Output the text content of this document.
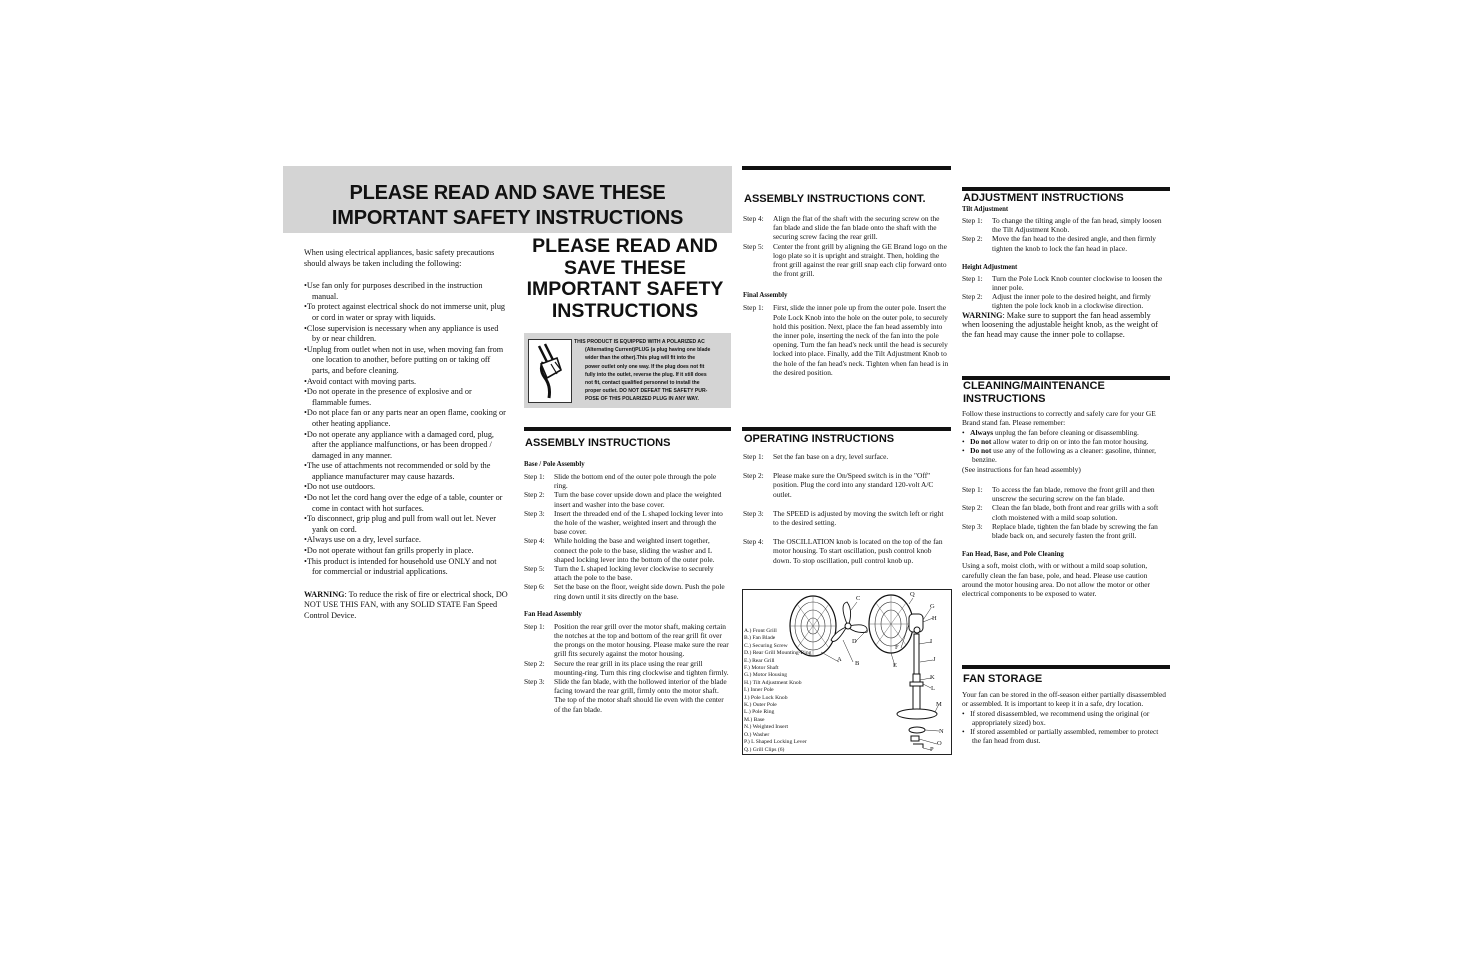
PLEASE READ AND SAVE THESE
IMPORTANT SAFETY INSTRUCTIONS

When using electrical appliances, basic safety precautions should always be taken including the following:

• Use fan only for purposes described in the instruction manual.
• To protect against electrical shock do not immerse unit, plug or cord in water or spray with liquids.
• Close supervision is necessary when any appliance is used by or near children.
• Unplug from outlet when not in use, when moving fan from one location to another, before putting on or taking off parts, and before cleaning.
• Avoid contact with moving parts.
• Do not operate in the presence of explosive and or flammable fumes.
• Do not place fan or any parts near an open flame, cooking or other heating appliance.
• Do not operate any appliance with a damaged cord, plug, after the appliance malfunctions, or has been dropped / damaged in any manner.
• The use of attachments not recommended or sold by the appliance manufacturer may cause hazards.
• Do not use outdoors.
• Do not let the cord hang over the edge of a table, counter or come in contact with hot surfaces.
• To disconnect, grip plug and pull from wall out let. Never yank on cord.
• Always use on a dry, level surface.
• Do not operate without fan grills properly in place.
• This product is intended for household use ONLY and not for commercial or industrial applications.

WARNING: To reduce the risk of fire or electrical shock, DO NOT USE THIS FAN, with any SOLID STATE Fan Speed Control Device.

PLEASE READ AND
SAVE THESE
IMPORTANT SAFETY
INSTRUCTIONS

THIS PRODUCT IS EQUIPPED WITH A POLARIZED AC

(Alternating Current)PLUG (a plug having one blade

wider than the other).This plug will fit into the

power outlet only one way. If the plug does not fit

fully into the outlet, reverse the plug. If it still does

not fit, contact qualified personnel to install the

proper outlet. DO NOT DEFEAT THE SAFETY PUR-

POSE OF THIS POLARIZED PLUG IN ANY WAY.

ASSEMBLY INSTRUCTIONS
Base / Pole Assembly
Step 1:	Slide the bottom end of the outer pole through the pole ring.
Step 2:	Turn the base cover upside down and place the weighted insert and washer into the base cover.
Step 3:	Insert the threaded end of the L shaped locking lever into the hole of the washer, weighted insert and through the base cover.
Step 4:	While holding the base and weighted insert together, connect the pole to the base, sliding the washer and L shaped locking lever into the bottom of the outer pole.
Step 5:	Turn the L shaped locking lever clockwise to securely attach the pole to the base.
Step 6:	Set the base on the floor, weight side down. Push the pole ring down until it sits directly on the base.
Fan Head Assembly
Step 1:	Position the rear grill over the motor shaft, making certain the notches at the top and bottom of the rear grill fit over the prongs on the motor housing. Please make sure the rear grill fits securely against the motor housing.
Step 2:	Secure the rear grill in its place using the rear grill mounting-ring. Turn this ring clockwise and tighten firmly.
Step 3:	Slide the fan blade, with the hollowed interior of the blade facing toward the rear grill, firmly onto the motor shaft. The top of the motor shaft should lie even with the center of the fan blade.
ASSEMBLY INSTRUCTIONS CONT.
Step 4:	Align the flat of the shaft with the securing screw on the fan blade and slide the fan blade onto the shaft with the securing screw facing the rear grill.
Step 5:	Center the front grill by aligning the GE Brand logo on the logo plate so it is upright and straight. Then, holding the front grill against the rear grill snap each clip forward onto the front grill.
Final Assembly
Step 1:	First, slide the inner pole up from the outer pole. Insert the Pole Lock Knob into the hole on the outer pole, to securely hold this position. Next, place the fan head assembly into the inner pole, inserting the neck of the fan into the pole opening. Turn the fan head's neck until the head is securely locked into place. Finally, add the Tilt Adjustment Knob to the hole of the fan head's neck. Tighten when fan head is in the desired position.
OPERATING INSTRUCTIONS
Step 1:	Set the fan base on a dry, level surface.
Step 2:	Please make sure the On/Speed switch is in the "Off" position. Plug the cord into any standard 120-volt A/C outlet.
Step 3:	The SPEED is adjusted by moving the switch left or right to the desired setting.
Step 4:	The OSCILLATION knob is located on the top of the fan motor housing. To start oscillation, push control knob down. To stop oscillation, pull control knob up.
A
B
C
D
E
F
G
H
I
J
K
L
M
N
O
P
Q
A.) Front Grill
B.) Fan Blade
C.) Securing Screw
D.) Rear Grill Mounting-Ring
E.) Rear Grill
F.) Motor Shaft
G.) Motor Housing
H.) Tilt Adjustment Knob
I.) Inner Pole
J.) Pole Lock Knob
K.) Outer Pole
L.) Pole Ring
M.) Base
N.) Weighted Insert
O.) Washer
P.) L Shaped Locking Lever
Q.) Grill Clips (6)
ADJUSTMENT INSTRUCTIONS
Tilt Adjustment
Step 1:	To change the tilting angle of the fan head, simply loosen the Tilt Adjustment Knob.
Step 2:	Move the fan head to the desired angle, and then firmly tighten the knob to lock the fan head in place.
Height Adjustment
Step 1:	Turn the Pole Lock Knob counter clockwise to loosen the inner pole.
Step 2:	Adjust the inner pole to the desired height, and firmly tighten the pole lock knob in a clockwise direction.

WARNING: Make sure to support the fan head assembly when loosening the adjustable height knob, as the weight of the fan head may cause the inner pole to collapse.

CLEANING/MAINTENANCE
INSTRUCTIONS

Follow these instructions to correctly and safely care for your GE Brand stand fan. Please remember:

•   Always unplug the fan before cleaning or disassembling.
•   Do not allow water to drip on or into the fan motor housing.
•   Do not use any of the following as a cleaner: gasoline, thinner, benzine.

(See instructions for fan head assembly)

Step 1:	To access the fan blade, remove the front grill and then unscrew the securing screw on the fan blade.
Step 2:	Clean the fan blade, both front and rear grills with a soft cloth moistened with a mild soap solution.
Step 3:	Replace blade, tighten the fan blade by screwing the fan blade back on, and securely fasten the front grill.
Fan Head, Base, and Pole Cleaning

Using a soft, moist cloth, with or without a mild soap solution, carefully clean the fan base, pole, and head. Please use caution around the motor housing area. Do not allow the motor or other electrical components to be exposed to water.

FAN STORAGE

Your fan can be stored in the off-season either partially disassembled or assembled. It is important to keep it in a safe, dry location.

•   If stored disassembled, we recommend using the original (or appropriately sized) box.
•   If stored assembled or partially assembled, remember to protect the fan head from dust.
